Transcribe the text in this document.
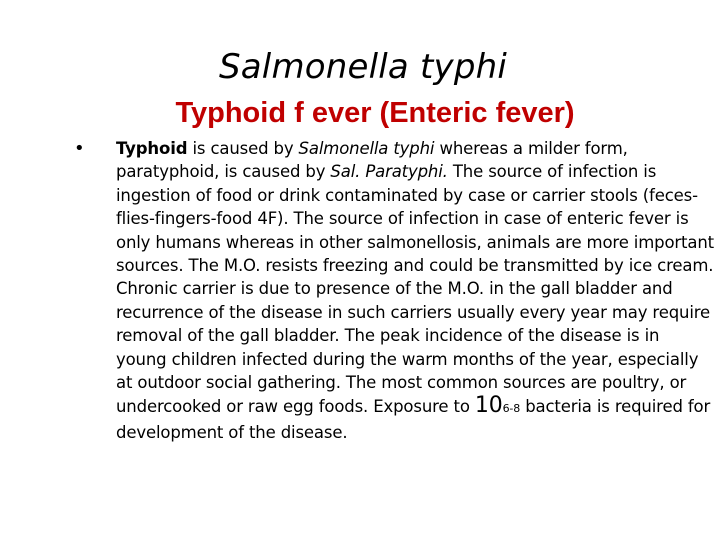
Salmonella typhi
Typhoid f ever (Enteric fever)

• Typhoid is caused by Salmonella typhi whereas a milder form, paratyphoid, is caused by Sal. Paratyphi. The source of infection is ingestion of food or drink contaminated by case or carrier stools (feces-flies-fingers-food 4F). The source of infection in case of enteric fever is only humans whereas in other salmonellosis, animals are more important sources. The M.O. resists freezing and could be transmitted by ice cream. Chronic carrier is due to presence of the M.O. in the gall bladder and recurrence of the disease in such carriers usually every year may require removal of the gall bladder. The peak incidence of the disease is in young children infected during the warm months of the year, especially at outdoor social gathering. The most common sources are poultry, or undercooked or raw egg foods. Exposure to 106-8 bacteria is required for development of the disease.
